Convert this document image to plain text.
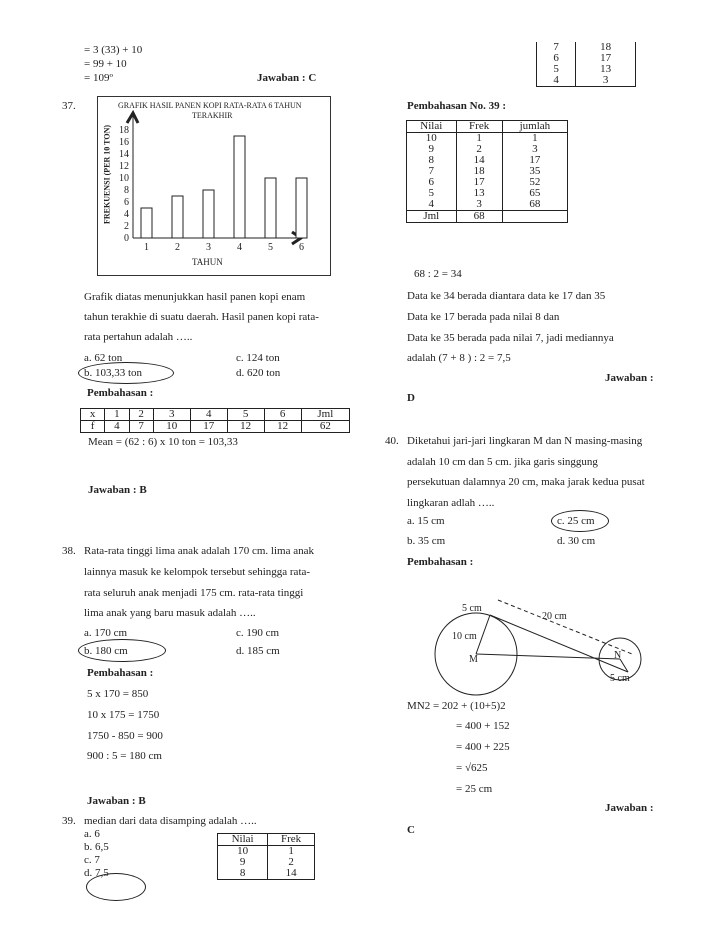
= 3 (33) + 10
= 99 + 10
= 109º	Jawaban : C
37.	GRAFIK HASIL PANEN KOPI RATA-RATA 6 TAHUN
TERAKHIR
FREKUENSI (PER 10 TON)
TAHUN
0
2
4
6
8
10
12
14
16
18
1	2	3	4	5	6
Grafik diatas menunjukkan hasil panen kopi enam
tahun terakhie di suatu daerah. Hasil panen kopi rata-
rata pertahun adalah …..
a. 62 ton	c. 124 ton
b. 103,33 ton	d. 620 ton
Pembahasan :
x	1	2	3	4	5	6	Jml
f	4	7	10	17	12	12	62
Mean = (62 : 6) x 10 ton = 103,33
Jawaban : B
38. Rata-rata tinggi lima anak adalah 170 cm. lima anak
lainnya masuk ke kelompok tersebut sehingga rata-
rata seluruh anak menjadi 175 cm. rata-rata tinggi
lima anak yang baru masuk adalah …..
a. 170 cm	c. 190 cm
b. 180 cm	d. 185 cm
Pembahasan :
5 x 170 = 850
10 x 175 = 1750
1750 - 850 = 900
900 : 5 = 180 cm
Jawaban : B
39. median dari data disamping adalah …..
a. 6
b. 6,5
c. 7
d. 7,5
Nilai	Frek
10	1
9	2
8	14
7	18
6	17
5	13
4	3
Pembahasan No. 39 :
Nilai	Frek	jumlah
10	1	1
9	2	3
8	14	17
7	18	35
6	17	52
5	13	65
4	3	68
Jml	68	
68 : 2 = 34
Data ke 34 berada diantara data ke 17 dan 35
Data ke 17 berada pada nilai 8 dan
Data ke 35 berada pada nilai 7, jadi mediannya
adalah (7 + 8 ) : 2 = 7,5
Jawaban :
D
40. Diketahui jari-jari lingkaran M dan N masing-masing
adalah 10 cm dan 5 cm. jika garis singgung
persekutuan dalamnya 20 cm, maka jarak kedua pusat
lingkaran adlah …..
a. 15 cm	c. 25 cm
b. 35 cm	d. 30 cm
Pembahasan :
5 cm
20 cm
10 cm
M	N
5 cm
MN2 = 202 + (10+5)2
= 400 + 152
= 400 + 225
= √625
= 25 cm
Jawaban :
C
